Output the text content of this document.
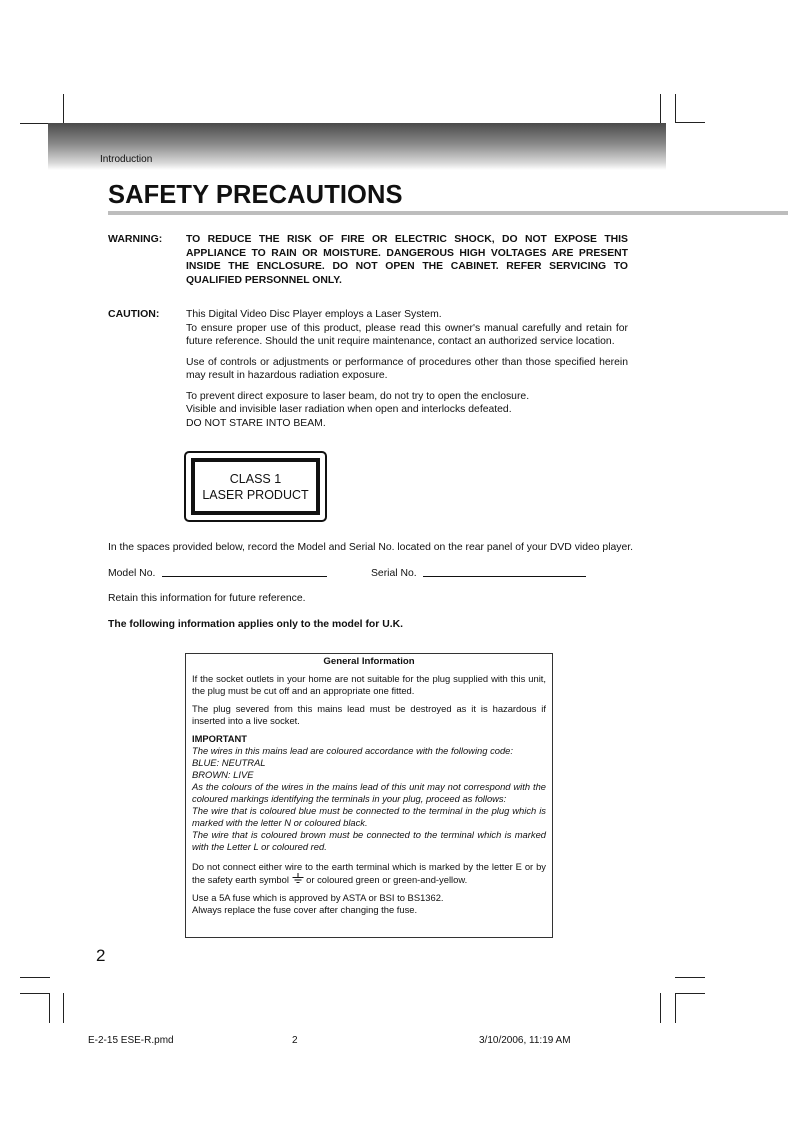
Introduction
SAFETY PRECAUTIONS
WARNING: TO REDUCE THE RISK OF FIRE OR ELECTRIC SHOCK, DO NOT EXPOSE THIS APPLIANCE TO RAIN OR MOISTURE. DANGEROUS HIGH VOLTAGES ARE PRESENT INSIDE THE ENCLOSURE. DO NOT OPEN THE CABINET. REFER SERVICING TO QUALIFIED PERSONNEL ONLY.
CAUTION:	This Digital Video Disc Player employs a Laser System.
To ensure proper use of this product, please read this owner's manual carefully and retain for future reference. Should the unit require maintenance, contact an authorized service location.

Use of controls or adjustments or performance of procedures other than those specified herein may result in hazardous radiation exposure.

To prevent direct exposure to laser beam, do not try to open the enclosure.
Visible and invisible laser radiation when open and interlocks defeated.
DO NOT STARE INTO BEAM.

CLASS 1
LASER PRODUCT
In the spaces provided below, record the Model and Serial No. located on the rear panel of your DVD video player.
Model No.	Serial No.
Retain this information for future reference.
The following information applies only to the model for U.K.
General Information

If the socket outlets in your home are not suitable for the plug supplied with this unit, the plug must be cut off and an appropriate one fitted.

The plug severed from this mains lead must be destroyed as it is hazardous if inserted into a live socket.

IMPORTANT

The wires in this mains lead are coloured accordance with the following code:

BLUE: NEUTRAL

BROWN: LIVE

As the colours of the wires in the mains lead of this unit may not correspond with the coloured markings identifying the terminals in your plug, proceed as follows:

The wire that is coloured blue must be connected to the terminal in the plug which is marked with the letter N or coloured black.

The wire that is coloured brown must be connected to the terminal which is marked with the Letter L or coloured red.

Do not connect either wire to the earth terminal which is marked by the letter E or by the safety earth symbol or coloured green or green-and-yellow.

Use a 5A fuse which is approved by ASTA or BSI to BS1362.
Always replace the fuse cover after changing the fuse.

2
E-2-15 ESE-R.pmd	2	3/10/2006, 11:19 AM
